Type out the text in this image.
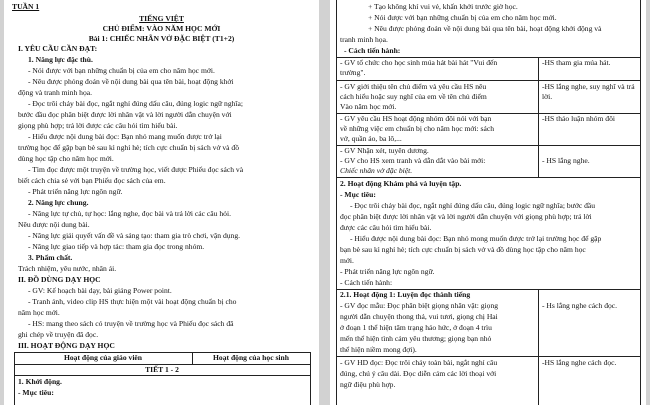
TUẦN 1
TIẾNG VIỆT
CHỦ ĐIỂM: VÀO NĂM HỌC MỚI
Bài 1: CHIẾC NHÃN VỞ ĐẶC BIỆT (T1+2)
I. YÊU CẦU CẦN ĐẠT:
1. Năng lực đặc thù.
- Nói được với bạn những chuẩn bị của em cho năm học mới.
- Nêu được phỏng đoán về nội dung bài qua tên bài, hoạt động khởi
động và tranh minh họa.
- Đọc trôi chảy bài đọc, ngắt nghỉ đúng dấu câu, đúng logic ngữ nghĩa;
bước đầu đọc phân biệt được lời nhân vật và lời người dẫn chuyện với
giọng phù hợp; trả lời được các câu hỏi tìm hiểu bài.
- Hiểu được nội dung bài đọc: Bạn nhỏ mang muốn được trở lại
trường học để gặp bạn bè sau kì nghỉ hè; tích cực chuẩn bị sách vở và đồ
dùng học tập cho năm học mới.
- Tìm đọc được một truyện về trường học, viết được Phiếu đọc sách và
biết cách chia sẻ với bạn Phiếu đọc sách của em.
- Phát triển năng lực ngôn ngữ.
2. Năng lực chung.
- Năng lực tự chủ, tự học: lắng nghe, đọc bài và trả lời các câu hỏi.
Nêu được nội dung bài.
- Năng lực giải quyết vấn đề và sáng tạo: tham gia trò chơi, vận dụng.
- Năng lực giao tiếp và hợp tác: tham gia đọc trong nhóm.
3. Phẩm chất.
Trách nhiệm, yêu nước, nhân ái.
II. ĐỒ DÙNG DẠY HỌC
- GV: Kế hoạch bài dạy, bài giảng Power point.
- Tranh ảnh, video clip HS thực hiện một vài hoạt động chuẩn bị cho
năm học mới.
- HS: mang theo sách có truyện về trường học và Phiếu đọc sách đã
ghi chép về truyện đã đọc.
III. HOẠT ĐỘNG DẠY HỌC
Hoạt động của giáo viên	Hoạt động của học sinh
TIẾT 1 - 2
1. Khởi động.
- Mục tiêu:
+ Tạo không khí vui vẻ, khấn khởi trước giờ học.
+ Nói được với bạn những chuẩn bị của em cho năm học mới.
+ Nêu được phỏng đoán về nội dung bài qua tên bài, hoạt động khởi động và
tranh minh họa.
- Cách tiến hành:
- GV tổ chức cho học sinh múa hát bài hát "Vui đến
trường".
-HS tham gia múa hát.
- GV giới thiệu tên chủ điểm và yêu cầu HS nêu
cách hiểu hoặc suy nghĩ của em về tên chủ điểm
Vào năm học mới.
-HS lắng nghe, suy nghĩ và trả
lời.
- GV yêu cầu HS hoạt động nhóm đôi nói với bạn
về những việc em chuẩn bị cho năm học mới: sách
vở, quần áo, ba lô,...
-HS thảo luận nhóm đôi
- GV Nhận xét, tuyên dương.
- GV cho HS xem tranh và dẫn dắt vào bài mới:
Chiếc nhãn vở đặc biệt.
- HS lắng nghe.
2. Hoạt động Khám phá và luyện tập.
- Mục tiêu:
- Đọc trôi chảy bài đọc, ngắt nghỉ đúng dấu câu, đúng logic ngữ nghĩa; bước đầu
đọc phân biệt được lời nhân vật và lời người dẫn chuyện với giọng phù hợp; trả lời
được các câu hỏi tìm hiểu bài.
- Hiểu được nội dung bài đọc: Bạn nhỏ mong muốn được trở lại trường học để gặp
bạn bè sau kì nghỉ hè; tích cực chuẩn bị sách vở và đồ dùng học tập cho năm học
mới.
- Phát triển năng lực ngôn ngữ.
- Cách tiến hành:
2.1. Hoạt động 1: Luyện đọc thành tiếng
- GV đọc mẫu: Đọc phân biệt giọng nhân vật: giọng
người dẫn chuyện thong thả, vui tươi, giọng chị Hai
ở đoạn 1 thể hiện tâm trạng háo hức, ở đoạn 4 trìu
mến thể hiện tình cảm yêu thương; giọng bạn nhỏ
thể hiện niềm mong đợi).
- Hs lắng nghe cách đọc.
- GV HD đọc: Đọc trôi chảy toàn bài, ngắt nghỉ câu
đúng, chú ý câu dài. Đọc diễn cảm các lời thoại với
ngữ điệu phù hợp.
-HS lắng nghe cách đọc.
